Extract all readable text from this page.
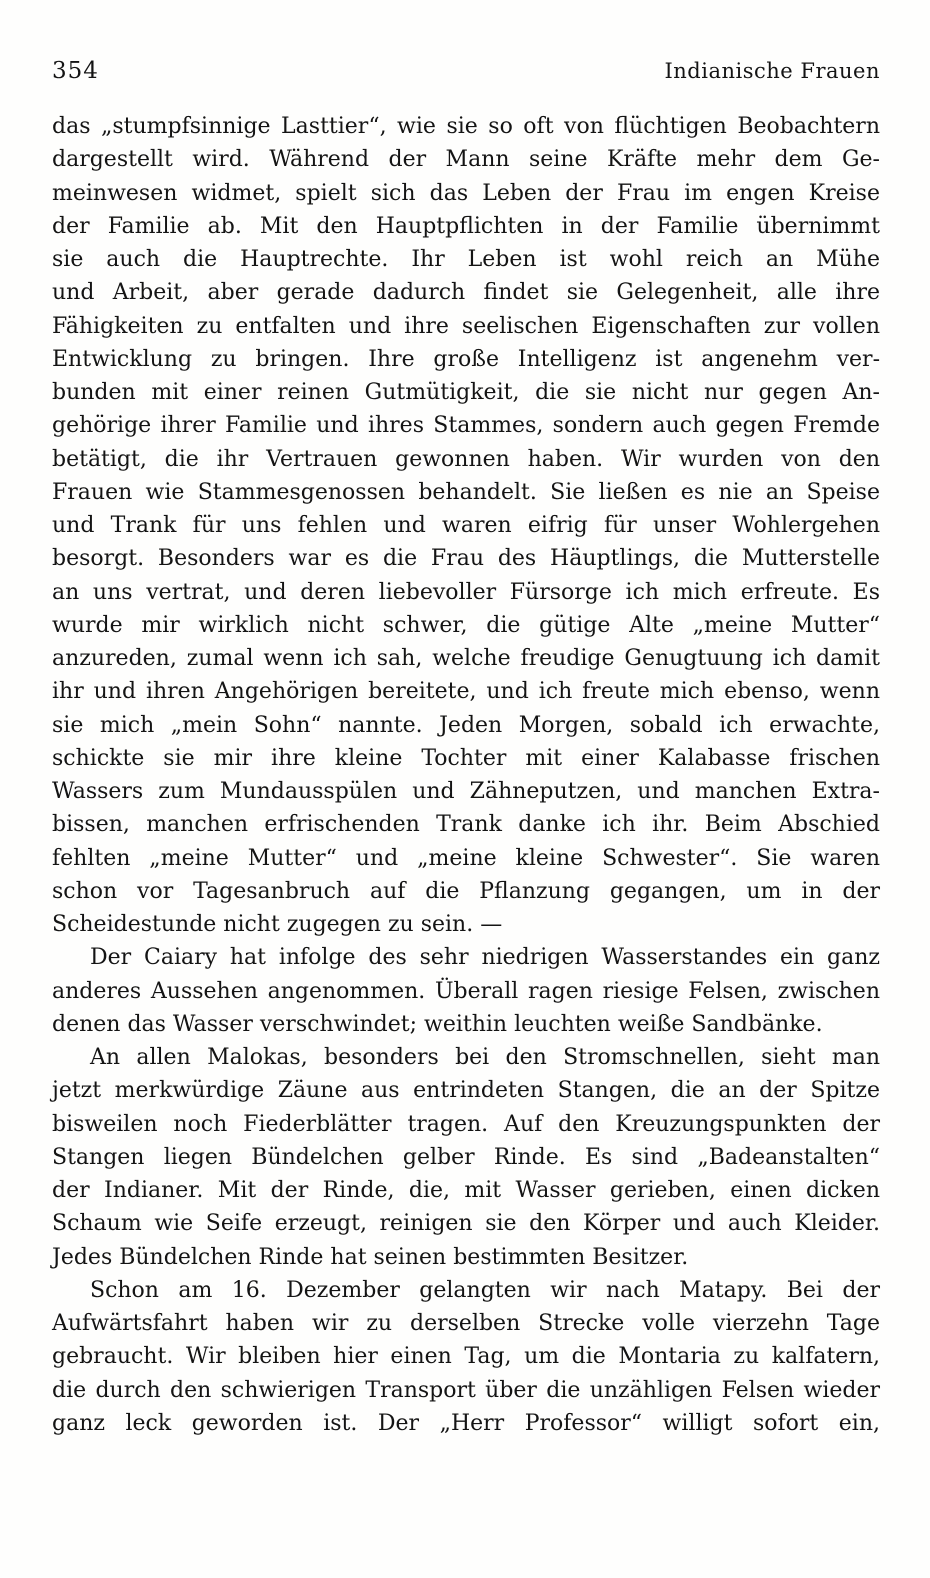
354	Indianische Frauen
das „stumpfsinnige Lasttier“, wie sie so oft von flüchtigen Beobachtern
dargestellt wird. Während der Mann seine Kräfte mehr dem Ge-
meinwesen widmet, spielt sich das Leben der Frau im engen Kreise
der Familie ab. Mit den Hauptpflichten in der Familie übernimmt
sie auch die Hauptrechte. Ihr Leben ist wohl reich an Mühe
und Arbeit, aber gerade dadurch findet sie Gelegenheit, alle ihre
Fähigkeiten zu entfalten und ihre seelischen Eigenschaften zur vollen
Entwicklung zu bringen. Ihre große Intelligenz ist angenehm ver-
bunden mit einer reinen Gutmütigkeit, die sie nicht nur gegen An-
gehörige ihrer Familie und ihres Stammes, sondern auch gegen Fremde
betätigt, die ihr Vertrauen gewonnen haben. Wir wurden von den
Frauen wie Stammesgenossen behandelt. Sie ließen es nie an Speise
und Trank für uns fehlen und waren eifrig für unser Wohlergehen
besorgt. Besonders war es die Frau des Häuptlings, die Mutterstelle
an uns vertrat, und deren liebevoller Fürsorge ich mich erfreute. Es
wurde mir wirklich nicht schwer, die gütige Alte „meine Mutter“
anzureden, zumal wenn ich sah, welche freudige Genugtuung ich damit
ihr und ihren Angehörigen bereitete, und ich freute mich ebenso, wenn
sie mich „mein Sohn“ nannte. Jeden Morgen, sobald ich erwachte,
schickte sie mir ihre kleine Tochter mit einer Kalabasse frischen
Wassers zum Mundausspülen und Zähneputzen, und manchen Extra-
bissen, manchen erfrischenden Trank danke ich ihr. Beim Abschied
fehlten „meine Mutter“ und „meine kleine Schwester“. Sie waren
schon vor Tagesanbruch auf die Pflanzung gegangen, um in der
Scheidestunde nicht zugegen zu sein. —
Der Caiary hat infolge des sehr niedrigen Wasserstandes ein ganz
anderes Aussehen angenommen. Überall ragen riesige Felsen, zwischen
denen das Wasser verschwindet; weithin leuchten weiße Sandbänke.
An allen Malokas, besonders bei den Stromschnellen, sieht man
jetzt merkwürdige Zäune aus entrindeten Stangen, die an der Spitze
bisweilen noch Fiederblätter tragen. Auf den Kreuzungspunkten der
Stangen liegen Bündelchen gelber Rinde. Es sind „Badeanstalten“
der Indianer. Mit der Rinde, die, mit Wasser gerieben, einen dicken
Schaum wie Seife erzeugt, reinigen sie den Körper und auch Kleider.
Jedes Bündelchen Rinde hat seinen bestimmten Besitzer.
Schon am 16. Dezember gelangten wir nach Matapy. Bei der
Aufwärtsfahrt haben wir zu derselben Strecke volle vierzehn Tage
gebraucht. Wir bleiben hier einen Tag, um die Montaria zu kalfatern,
die durch den schwierigen Transport über die unzähligen Felsen wieder
ganz leck geworden ist. Der „Herr Professor“ willigt sofort ein,
